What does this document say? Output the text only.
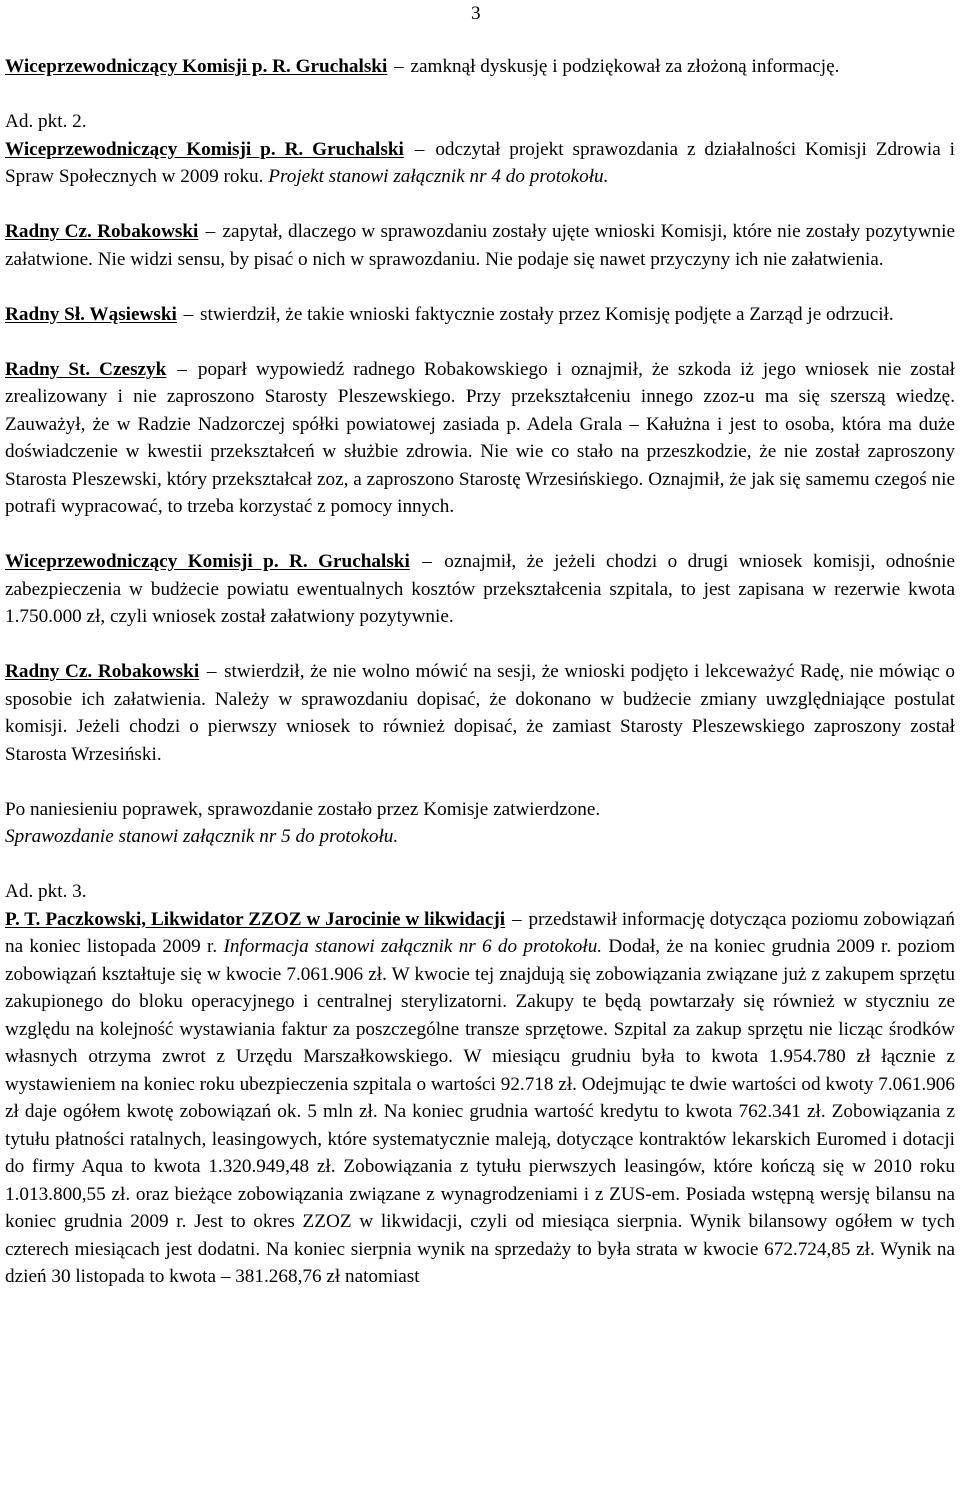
3

Wiceprzewodniczący Komisji p. R. Gruchalski – zamknął dyskusję i podziękował za złożoną informację.

Ad. pkt. 2.

Wiceprzewodniczący Komisji p. R. Gruchalski – odczytał projekt sprawozdania z działalności Komisji Zdrowia i Spraw Społecznych w 2009 roku. Projekt stanowi załącznik nr 4 do protokołu.

Radny Cz. Robakowski – zapytał, dlaczego w sprawozdaniu zostały ujęte wnioski Komisji, które nie zostały pozytywnie załatwione. Nie widzi sensu, by pisać o nich w sprawozdaniu. Nie podaje się nawet przyczyny ich nie załatwienia.

Radny Sł. Wąsiewski – stwierdził, że takie wnioski faktycznie zostały przez Komisję podjęte a Zarząd je odrzucił.

Radny St. Czeszyk – poparł wypowiedź radnego Robakowskiego i oznajmił, że szkoda iż jego wniosek nie został zrealizowany i nie zaproszono Starosty Pleszewskiego. Przy przekształceniu innego zzoz-u ma się szerszą wiedzę. Zauważył, że w Radzie Nadzorczej spółki powiatowej zasiada p. Adela Grala – Kałużna i jest to osoba, która ma duże doświadczenie w kwestii przekształceń w służbie zdrowia. Nie wie co stało na przeszkodzie, że nie został zaproszony Starosta Pleszewski, który przekształcał zoz, a zaproszono Starostę Wrzesińskiego. Oznajmił, że jak się samemu czegoś nie potrafi wypracować, to trzeba korzystać z pomocy innych.

Wiceprzewodniczący Komisji p. R. Gruchalski – oznajmił, że jeżeli chodzi o drugi wniosek komisji, odnośnie zabezpieczenia w budżecie powiatu ewentualnych kosztów przekształcenia szpitala, to jest zapisana w rezerwie kwota 1.750.000 zł, czyli wniosek został załatwiony pozytywnie.

Radny Cz. Robakowski – stwierdził, że nie wolno mówić na sesji, że wnioski podjęto i lekceważyć Radę, nie mówiąc o sposobie ich załatwienia. Należy w sprawozdaniu dopisać, że dokonano w budżecie zmiany uwzględniające postulat komisji. Jeżeli chodzi o pierwszy wniosek to również dopisać, że zamiast Starosty Pleszewskiego zaproszony został Starosta Wrzesiński.

Po naniesieniu poprawek, sprawozdanie zostało przez Komisje zatwierdzone.

Sprawozdanie stanowi załącznik nr 5 do protokołu.

Ad. pkt. 3.

P. T. Paczkowski, Likwidator ZZOZ w Jarocinie w likwidacji – przedstawił informację dotycząca poziomu zobowiązań na koniec listopada 2009 r. Informacja stanowi załącznik nr 6 do protokołu. Dodał, że na koniec grudnia 2009 r. poziom zobowiązań kształtuje się w kwocie 7.061.906 zł. W kwocie tej znajdują się zobowiązania związane już z zakupem sprzętu zakupionego do bloku operacyjnego i centralnej sterylizatorni. Zakupy te będą powtarzały się również w styczniu ze względu na kolejność wystawiania faktur za poszczególne transze sprzętowe. Szpital za zakup sprzętu nie licząc środków własnych otrzyma zwrot z Urzędu Marszałkowskiego. W miesiącu grudniu była to kwota 1.954.780 zł łącznie z wystawieniem na koniec roku ubezpieczenia szpitala o wartości 92.718 zł. Odejmując te dwie wartości od kwoty 7.061.906 zł daje ogółem kwotę zobowiązań ok. 5 mln zł. Na koniec grudnia wartość kredytu to kwota 762.341 zł. Zobowiązania z tytułu płatności ratalnych, leasingowych, które systematycznie maleją, dotyczące kontraktów lekarskich Euromed i dotacji do firmy Aqua to kwota 1.320.949,48 zł. Zobowiązania z tytułu pierwszych leasingów, które kończą się w 2010 roku 1.013.800,55 zł. oraz bieżące zobowiązania związane z wynagrodzeniami i z ZUS-em. Posiada wstępną wersję bilansu na koniec grudnia 2009 r. Jest to okres ZZOZ w likwidacji, czyli od miesiąca sierpnia. Wynik bilansowy ogółem w tych czterech miesiącach jest dodatni. Na koniec sierpnia wynik na sprzedaży to była strata w kwocie 672.724,85 zł. Wynik na dzień 30 listopada to kwota – 381.268,76 zł natomiast
